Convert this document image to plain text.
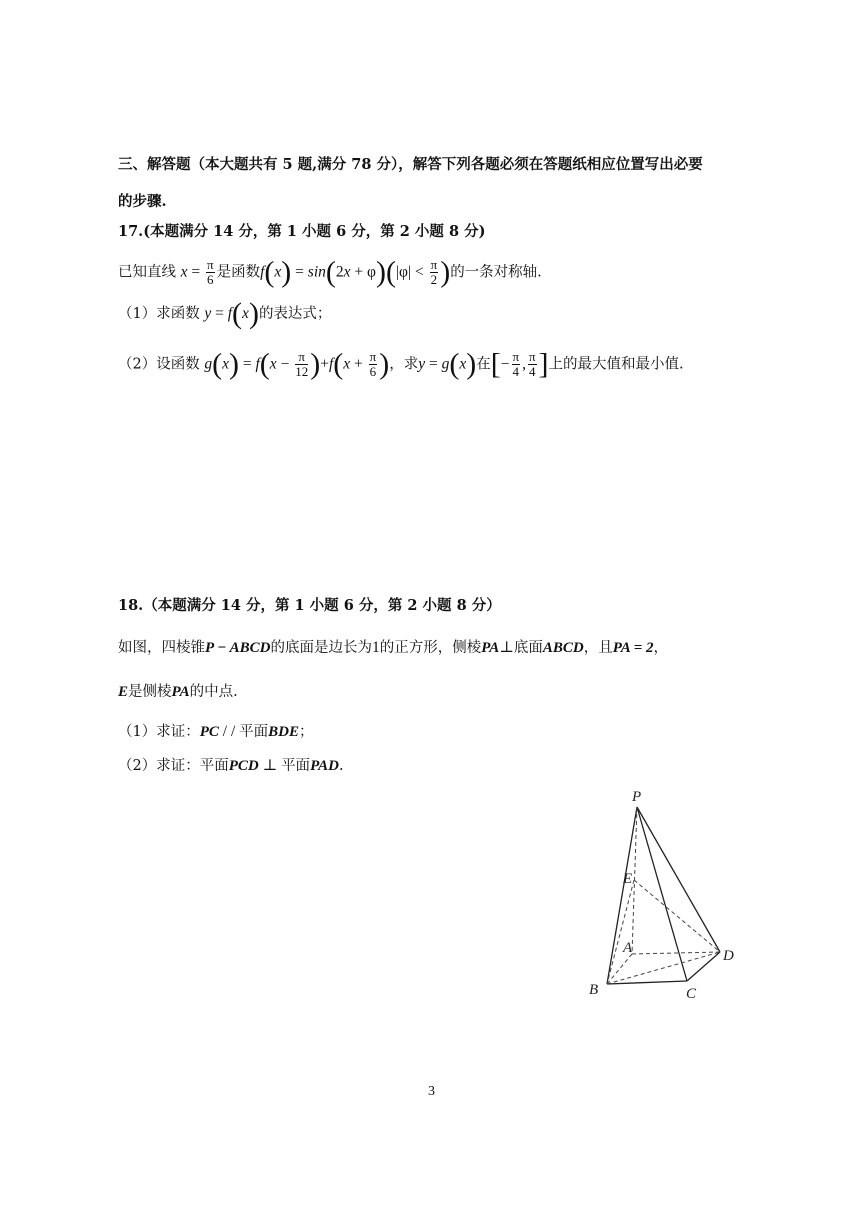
三、解答题（本大题共有 5 题,满分 78 分），解答下列各题必须在答题纸相应位置写出必要
的步骤.
17.(本题满分 14 分，第 1 小题 6 分，第 2 小题 8 分)
已知直线 $x = \frac{\pi}{6}$ 是函数$f(x) = \sin(2x + \varphi)(|\varphi| < \frac{\pi}{2}$ )的一条对称轴.
（1）求函数 y = f(x)的表达式；
（2）设函数 $g(x) = f(x - \frac{\pi}{12} )+f(x + \frac{\pi}{6}$ )，求y = g(x)在[− $\frac{\pi}{4}$ , $\frac{\pi}{4}$ ]上的最大值和最小值.
18.（本题满分 14 分，第 1 小题 6 分，第 2 小题 8 分）
如图，四棱锥P − ABCD的底面是边长为1的正方形，侧棱PA⊥底面ABCD，且PA = 2，
E是侧棱PA的中点.
（1）求证：PC / / 平面BDE；
（2）求证：平面PCD ⊥ 平面PAD.
P
E
A
B	C
D
3
